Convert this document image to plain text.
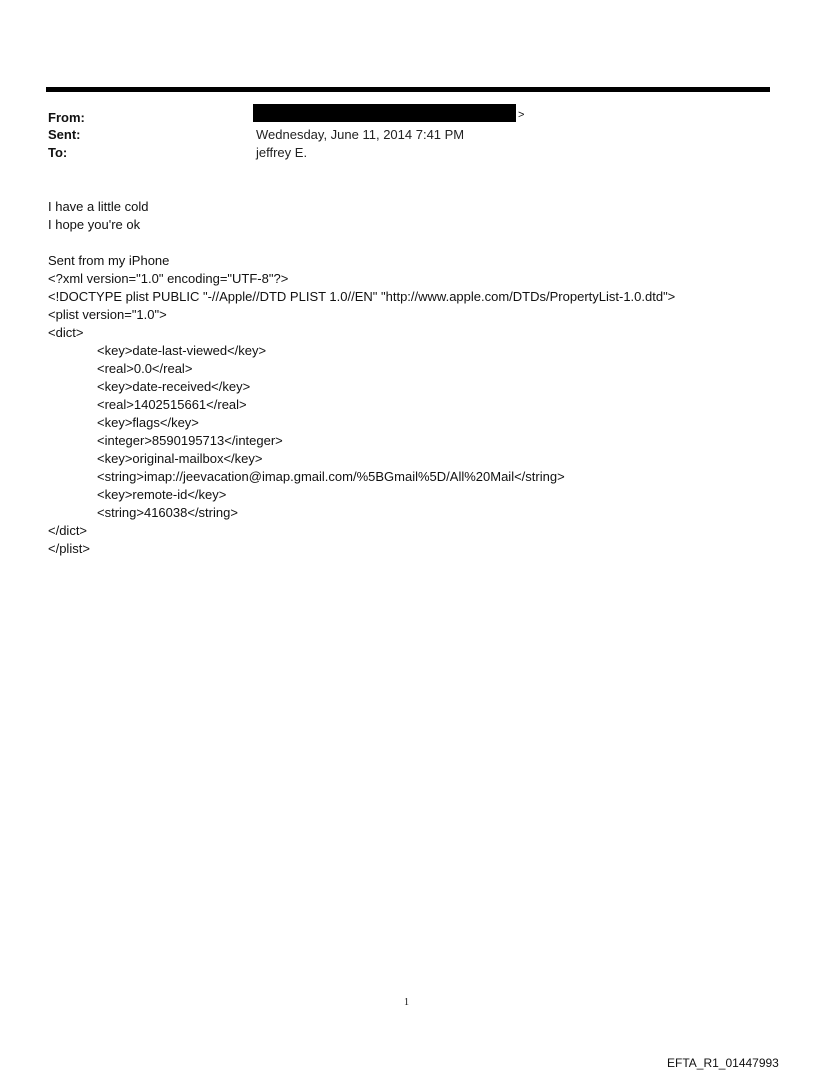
From:	>
Sent:	Wednesday, June 11, 2014 7:41 PM
To:	jeffrey E.
I have a little cold
I hope you're ok
Sent from my iPhone
<?xml version="1.0" encoding="UTF-8"?>
<!DOCTYPE plist PUBLIC "-//Apple//DTD PLIST 1.0//EN" "http://www.apple.com/DTDs/PropertyList-1.0.dtd">
<plist version="1.0">
<dict>
<key>date-last-viewed</key>
<real>0.0</real>
<key>date-received</key>
<real>1402515661</real>
<key>flags</key>
<integer>8590195713</integer>
<key>original-mailbox</key>
<string>imap://jeevacation@imap.gmail.com/%5BGmail%5D/All%20Mail</string>
<key>remote-id</key>
<string>416038</string>
</dict>
</plist>
1
EFTA_R1_01447993
